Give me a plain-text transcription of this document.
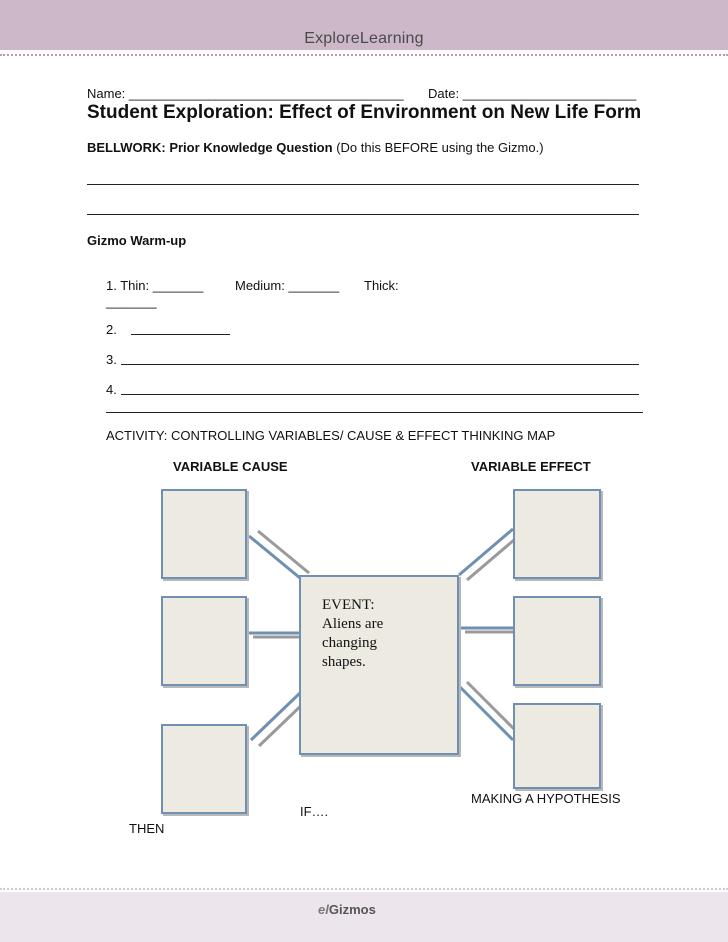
ExploreLearning
Name: ______________________________________ Date: ________________________
Student Exploration: Effect of Environment on New Life Form
BELLWORK: Prior Knowledge Question (Do this BEFORE using the Gizmo.)
Gizmo Warm-up
1. Thin: _______ Medium: _______ Thick:
_______
2.
3.
4.
ACTIVITY: CONTROLLING VARIABLES/ CAUSE & EFFECT THINKING MAP
VARIABLE CAUSE	VARIABLE EFFECT
EVENT:
Aliens are
changing
shapes.
MAKING A HYPOTHESIS
IF….
THEN
elGizmos
